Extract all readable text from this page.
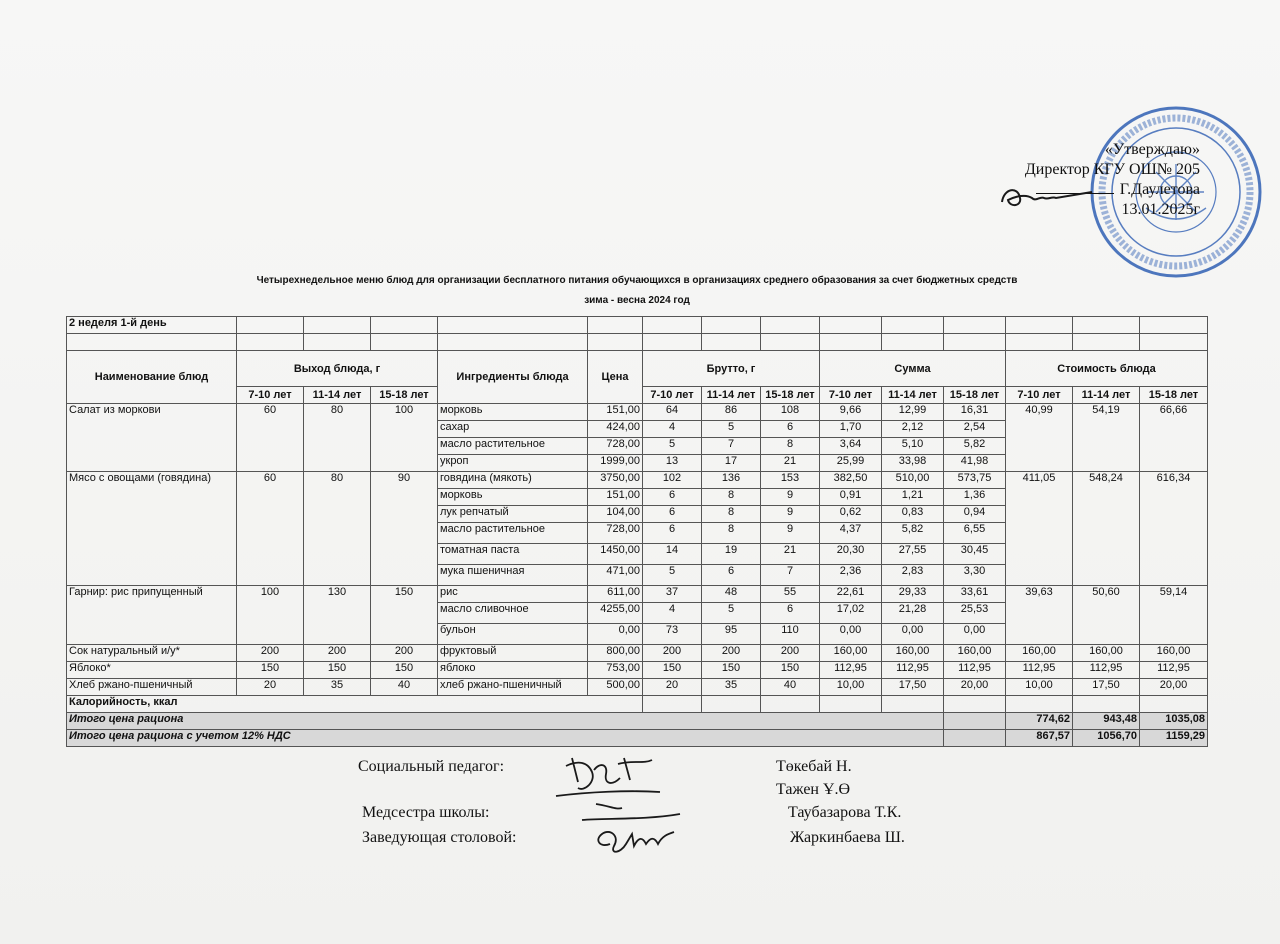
«Утверждаю»
Директор КГУ ОШ№ 205
Г.Даулетова
13.01.2025г
Четырехнедельное меню блюд для организации бесплатного питания обучающихся в организациях среднего образования за счет бюджетных средств
зима - весна 2024 год
2 неделя 1-й день														

Наименование блюд	Выход блюда, г			Ингредиенты блюда	Цена	Брутто, г			Сумма			Стоимость блюда		
	7-10 лет	11-14 лет	15-18 лет			7-10 лет	11-14 лет	15-18 лет	7-10 лет	11-14 лет	15-18 лет	7-10 лет	11-14 лет	15-18 лет
Салат из моркови	60	80	100	морковь	151,00	64	86	108	9,66	12,99	16,31	40,99	54,19	66,66
				сахар	424,00	4	5	6	1,70	2,12	2,54			
				масло растительное	728,00	5	7	8	3,64	5,10	5,82			
				укроп	1999,00	13	17	21	25,99	33,98	41,98			
Мясо с овощами (говядина)	60	80	90	говядина (мякоть)	3750,00	102	136	153	382,50	510,00	573,75	411,05	548,24	616,34
				морковь	151,00	6	8	9	0,91	1,21	1,36			
				лук репчатый	104,00	6	8	9	0,62	0,83	0,94			
				масло растительное	728,00	6	8	9	4,37	5,82	6,55			
				томатная паста	1450,00	14	19	21	20,30	27,55	30,45			
				мука пшеничная	471,00	5	6	7	2,36	2,83	3,30			
Гарнир: рис припущенный	100	130	150	рис	611,00	37	48	55	22,61	29,33	33,61	39,63	50,60	59,14
				масло сливочное	4255,00	4	5	6	17,02	21,28	25,53			
				бульон	0,00	73	95	110	0,00	0,00	0,00			
Сок натуральный и/у*	200	200	200	фруктовый	800,00	200	200	200	160,00	160,00	160,00	160,00	160,00	160,00
Яблоко*	150	150	150	яблоко	753,00	150	150	150	112,95	112,95	112,95	112,95	112,95	112,95
Хлеб ржано-пшеничный	20	35	40	хлеб ржано-пшеничный	500,00	20	35	40	10,00	17,50	20,00	10,00	17,50	20,00
Калорийность, ккал														
Итого цена рациона												774,62	943,48	1035,08
Итого цена рациона с учетом 12% НДС												867,57	1056,70	1159,29
Социальный педагог:	Төкебай Н.
Тажен Ұ.Ө
Медсестра школы:	Таубазарова Т.К.
Заведующая столовой:	Жаркинбаева Ш.
